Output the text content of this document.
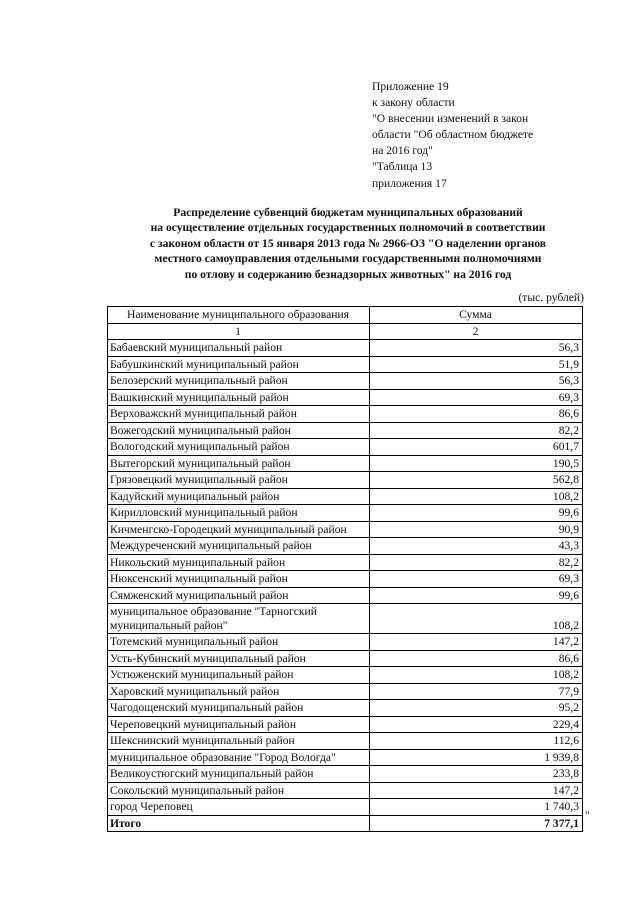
Приложение 19
к закону области
"О внесении изменений в закон
области "Об областном бюджете
на 2016 год"
"Таблица 13
приложения 17
Распределение субвенций бюджетам муниципальных образований
на осуществление отдельных государственных полномочий в соответствии
с законом области от 15 января 2013 года № 2966-ОЗ "О наделении органов
местного самоуправления отдельными государственными полномочиями
по отлову и содержанию безнадзорных животных" на 2016 год
(тыс. рублей)
Наименование муниципального образования	Сумма
1	2
Бабаевский муниципальный район	56,3
Бабушкинский муниципальный район	51,9
Белозерский муниципальный район	56,3
Вашкинский муниципальный район	69,3
Верховажский муниципальный район	86,6
Вожегодский муниципальный район	82,2
Вологодский муниципальный район	601,7
Вытегорский муниципальный район	190,5
Грязовецкий муниципальный район	562,8
Кадуйский муниципальный район	108,2
Кирилловский муниципальный район	99,6
Кичменгско-Городецкий муниципальный район	90,9
Междуреченский муниципальный район	43,3
Никольский муниципальный район	82,2
Нюксенский муниципальный район	69,3
Сямженский муниципальный район	99,6
муниципальное образование "Тарногский муниципальный район"	108,2
Тотемский муниципальный район	147,2
Усть-Кубинский муниципальный район	86,6
Устюженский муниципальный район	108,2
Харовский муниципальный район	77,9
Чагодощенский муниципальный район	95,2
Череповецкий муниципальный район	229,4
Шекснинский муниципальный район	112,6
муниципальное образование "Город Вологда"	1 939,8
Великоустюгский муниципальный район	233,8
Сокольский муниципальный район	147,2
город Череповец	1 740,3
Итого	7 377,1
"
